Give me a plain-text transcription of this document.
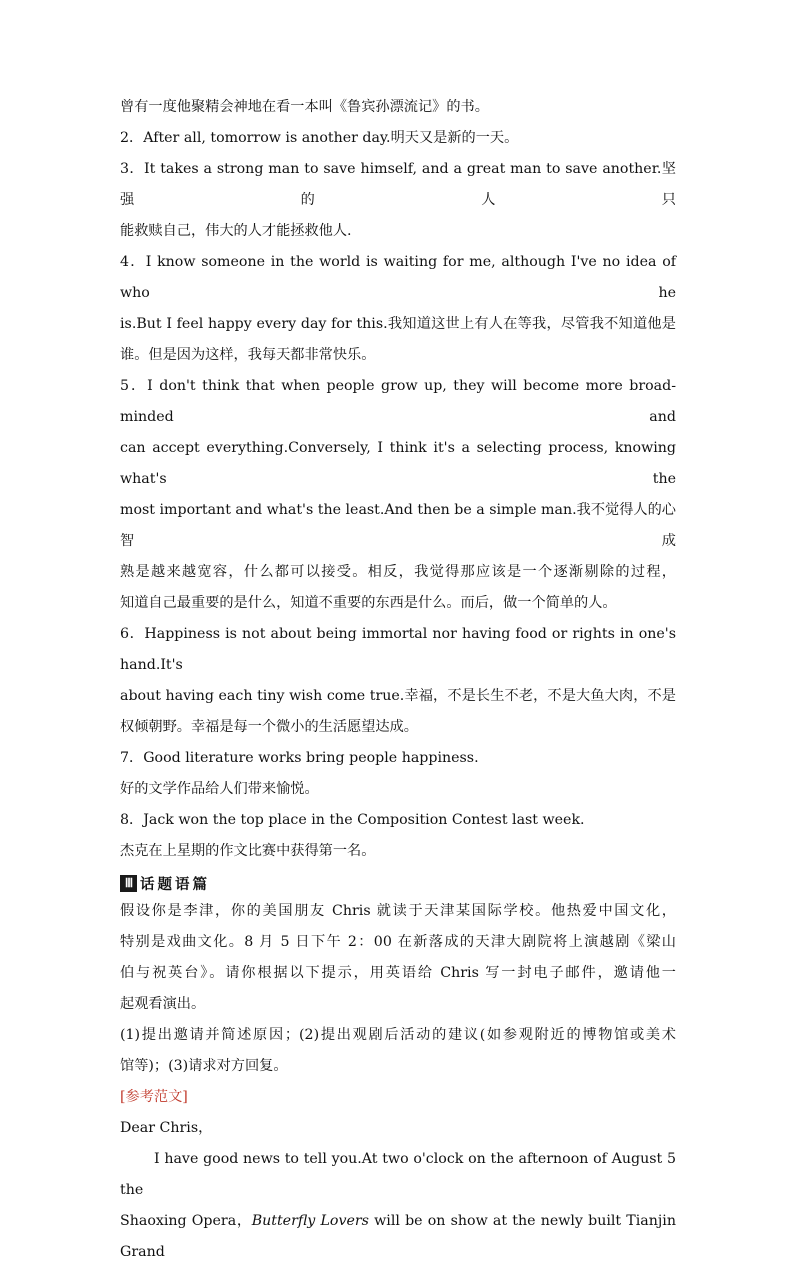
曾有一度他聚精会神地在看一本叫《鲁宾孙漂流记》的书。

2．After all, tomorrow is another day.明天又是新的一天。

3．It takes a strong man to save himself, and a great man to save another.坚强的人只

能救赎自己，伟大的人才能拯救他人.

4．I know someone in the world is waiting for me, although I've no idea of who he

is.But I feel happy every day for this.我知道这世上有人在等我，尽管我不知道他是

谁。但是因为这样，我每天都非常快乐。

5．I don't think that when people grow up, they will become more broad-minded and

can accept everything.Conversely, I think it's a selecting process, knowing what's the

most important and what's the least.And then be a simple man.我不觉得人的心智成

熟是越来越宽容，什么都可以接受。相反，我觉得那应该是一个逐渐剔除的过程，

知道自己最重要的是什么，知道不重要的东西是什么。而后，做一个简单的人。

6．Happiness is not about being immortal nor having food or rights in one's hand.It's

about having each tiny wish come true.幸福，不是长生不老，不是大鱼大肉，不是

权倾朝野。幸福是每一个微小的生活愿望达成。

7．Good literature works bring people happiness.

好的文学作品给人们带来愉悦。

8．Jack won the top place in the Composition Contest last week.

杰克在上星期的作文比赛中获得第一名。

Ⅲ 话题语篇

假设你是李津，你的美国朋友 Chris 就读于天津某国际学校。他热爱中国文化，

特别是戏曲文化。8 月 5 日下午 2：00 在新落成的天津大剧院将上演越剧《梁山

伯与祝英台》。请你根据以下提示，用英语给 Chris 写一封电子邮件，邀请他一

起观看演出。

(1)提出邀请并简述原因；(2)提出观剧后活动的建议(如参观附近的博物馆或美术

馆等)；(3)请求对方回复。

[参考范文]

Dear Chris，

I have good news to tell you.At two o'clock on the afternoon of August 5 the

Shaoxing Opera，Butterfly Lovers will be on show at the newly built Tianjin Grand
